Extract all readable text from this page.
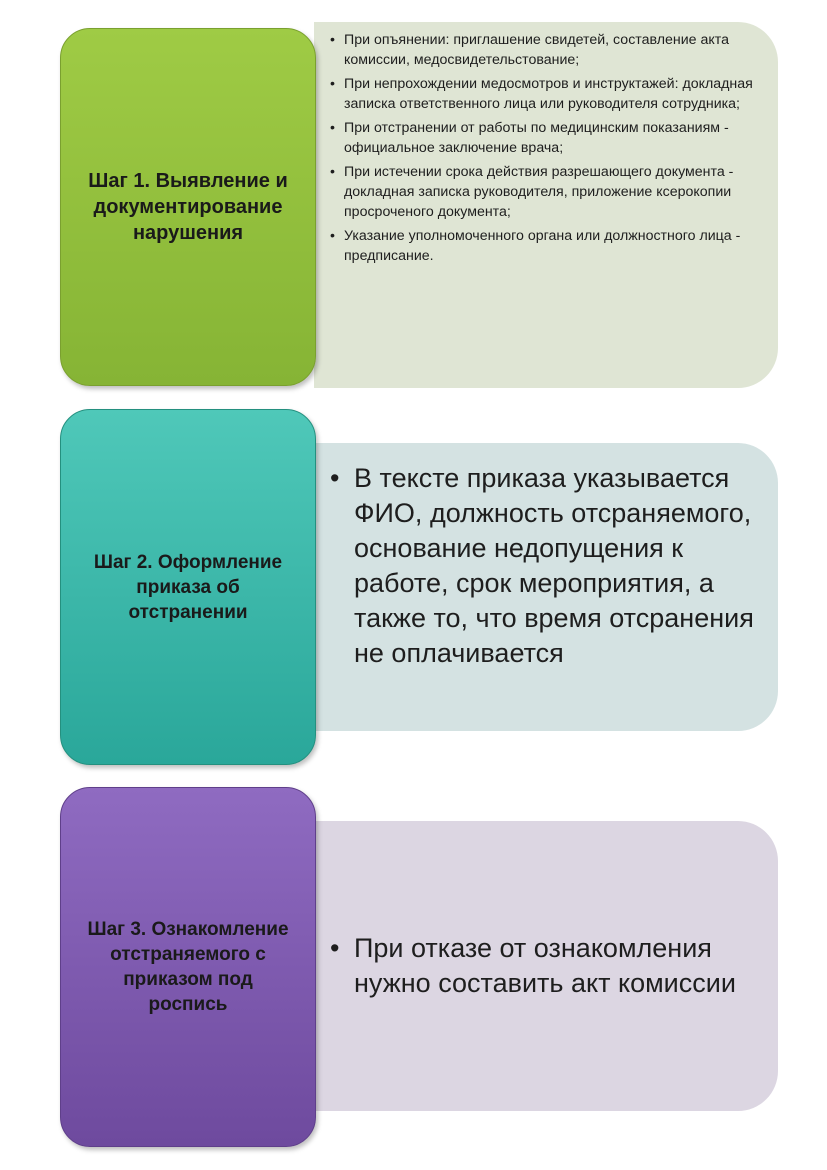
• При опъянении: приглашение свидетей, составление акта комиссии, медосвидетельстование;
• При непрохождении медосмотров и инструктажей: докладная записка ответственного лица или руководителя сотрудника;
• При отстранении от работы по медицинским показаниям - официальное заключение врача;
• При истечении срока действия разрешающего документа - докладная записка руководителя, приложение ксерокопии просроченого документа;
• Указание уполномоченного органа или должностного лица - предписание.
Шаг 1. Выявление и документирование нарушения
• В тексте приказа указывается ФИО, должность отсраняемого, основание недопущения к работе, срок мероприятия, а также то, что время отсранения не оплачивается
Шаг 2. Оформление приказа об отстранении
• При отказе от ознакомления нужно составить акт комиссии
Шаг 3. Ознакомление отстраняемого с приказом под роспись
